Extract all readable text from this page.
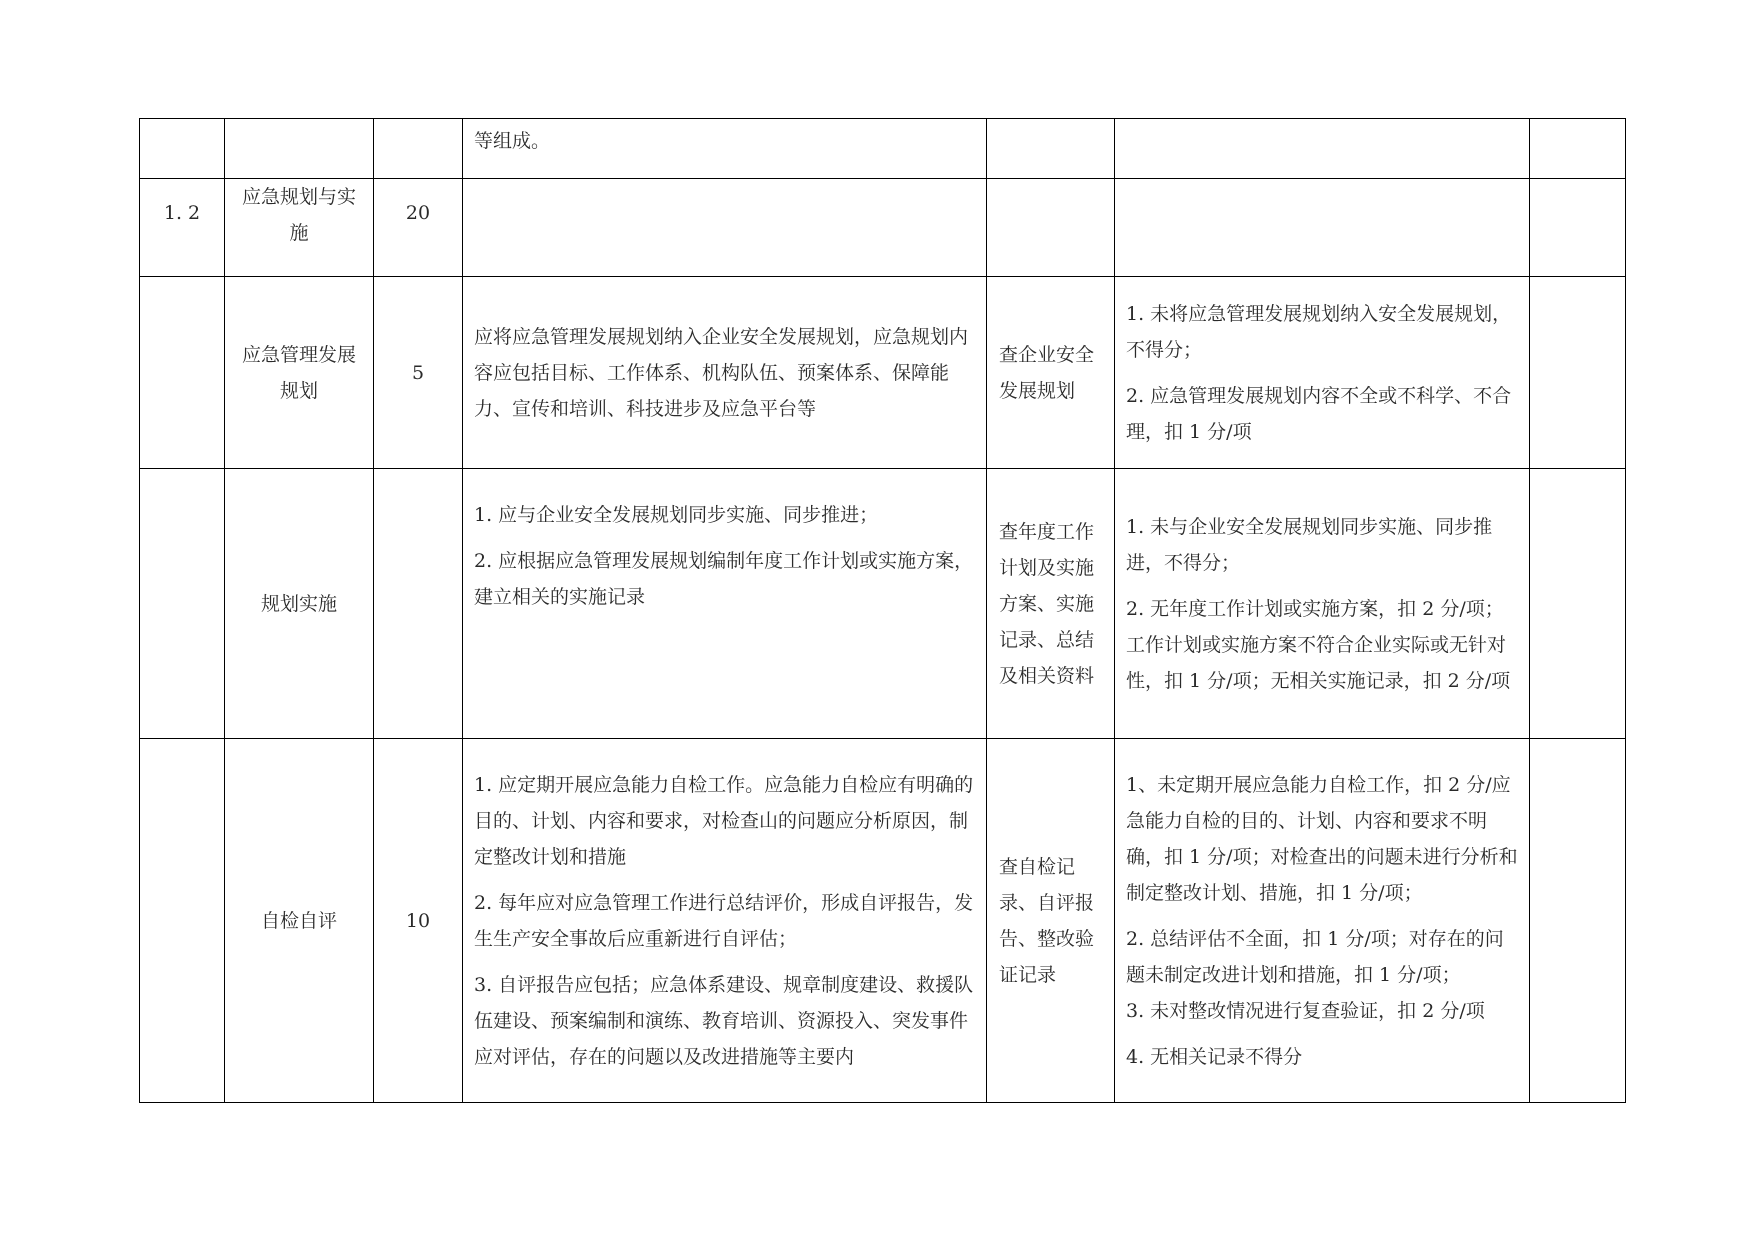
			等组成。			

1. 2	应急规划与实施	20				

	应急管理发展规划	5	应将应急管理发展规划纳入企业安全发展规划，应急规划内容应包括目标、工作体系、机构队伍、预案体系、保障能力、宣传和培训、科技进步及应急平台等	查企业安全发展规划	1. 未将应急管理发展规划纳入安全发展规划，不得分；
2. 应急管理发展规划内容不全或不科学、不合理，扣 1 分/项	

	规划实施		1. 应与企业安全发展规划同步实施、同步推进；
2. 应根据应急管理发展规划编制年度工作计划或实施方案，建立相关的实施记录	查年度工作计划及实施方案、实施记录、总结及相关资料	1. 未与企业安全发展规划同步实施、同步推进，不得分；
2. 无年度工作计划或实施方案，扣 2 分/项；工作计划或实施方案不符合企业实际或无针对性，扣 1 分/项；无相关实施记录，扣 2 分/项	

	自检自评	10	1. 应定期开展应急能力自检工作。应急能力自检应有明确的目的、计划、内容和要求，对检查山的问题应分析原因，制定整改计划和措施
2. 每年应对应急管理工作进行总结评价，形成自评报告，发生生产安全事故后应重新进行自评估；
3. 自评报告应包括；应急体系建设、规章制度建设、救援队伍建设、预案编制和演练、教育培训、资源投入、突发事件应对评估，存在的问题以及改进措施等主要内	查自检记录、自评报告、整改验证记录	1、未定期开展应急能力自检工作，扣 2 分/应急能力自检的目的、计划、内容和要求不明确，扣 1 分/项；对检查出的问题未进行分析和制定整改计划、措施，扣 1 分/项；
2. 总结评估不全面，扣 1 分/项；对存在的问题未制定改进计划和措施，扣 1 分/项；
3. 未对整改情况进行复查验证，扣 2 分/项
4. 无相关记录不得分	
